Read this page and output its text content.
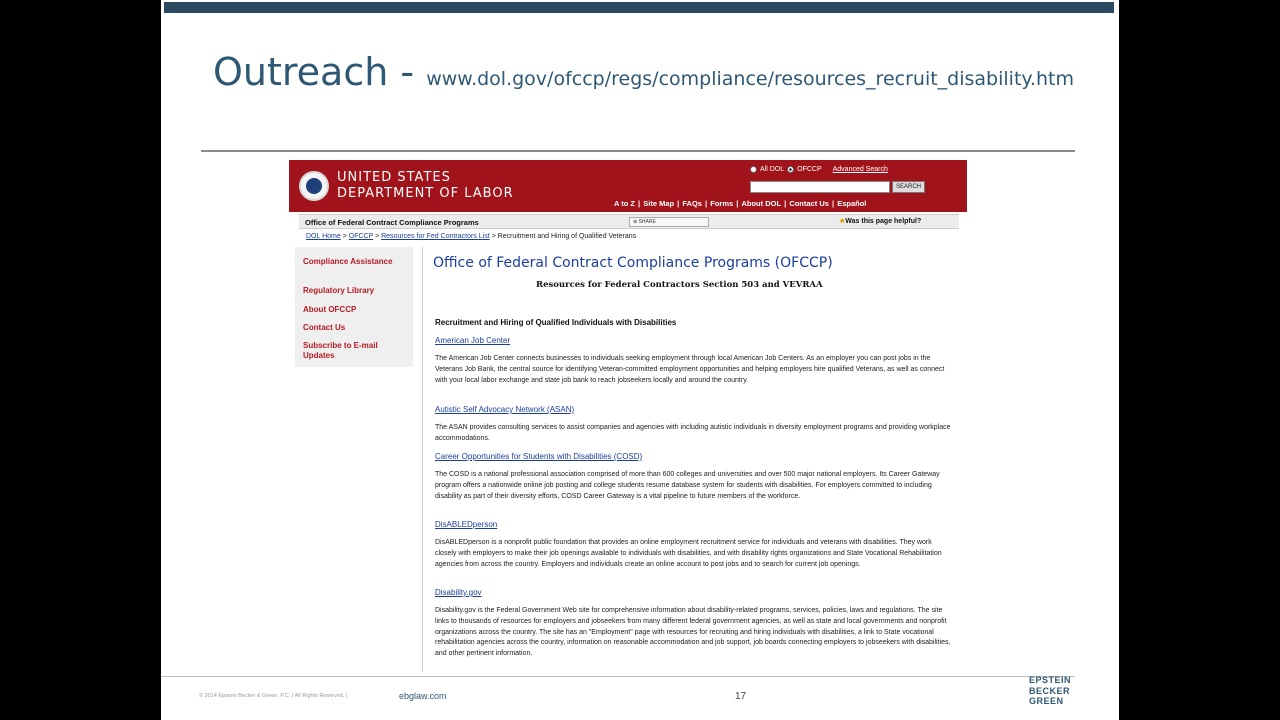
Outreach - www.dol.gov/ofccp/regs/compliance/resources_recruit_disability.htm
UNITED STATES
DEPARTMENT OF LABOR
All DOL OFCCP Advanced Search
SEARCH
A to Z | Site Map | FAQs | Forms | About DOL | Contact Us | Español
Office of Federal Contract Compliance Programs	⊕ SHARE	★Was this page helpful?
DOL Home > OFCCP > Resources for Fed Contractors List > Recruitment and Hiring of Qualified Veterans
Compliance Assistance
Regulatory Library
About OFCCP
Contact Us
Subscribe to E-mail Updates
Office of Federal Contract Compliance Programs (OFCCP)
Resources for Federal Contractors Section 503 and VEVRAA
Recruitment and Hiring of Qualified Individuals with Disabilities
American Job Center
The American Job Center connects businesses to individuals seeking employment through local American Job Centers. As an employer you can post jobs in the Veterans Job Bank, the central source for identifying Veteran-committed employment opportunities and helping employers hire qualified Veterans, as well as connect with your local labor exchange and state job bank to reach jobseekers locally and around the country.
Autistic Self Advocacy Network (ASAN)
The ASAN provides consulting services to assist companies and agencies with including autistic individuals in diversity employment programs and providing workplace accommodations.
Career Opportunities for Students with Disabilities (COSD)
The COSD is a national professional association comprised of more than 600 colleges and universities and over 500 major national employers. Its Career Gateway program offers a nationwide online job posting and college students resume database system for students with disabilities. For employers committed to including disability as part of their diversity efforts, COSD Career Gateway is a vital pipeline to future members of the workforce.
DisABLEDperson
DisABLEDperson is a nonprofit public foundation that provides an online employment recruitment service for individuals and veterans with disabilities. They work closely with employers to make their job openings available to individuals with disabilities, and with disability rights organizations and State Vocational Rehabilitation agencies from across the country. Employers and individuals create an online account to post jobs and to search for current job openings.
Disability.gov
Disability.gov is the Federal Government Web site for comprehensive information about disability-related programs, services, policies, laws and regulations. The site links to thousands of resources for employers and jobseekers from many different federal government agencies, as well as state and local governments and nonprofit organizations across the country. The site has an "Employment" page with resources for recruiting and hiring individuals with disabilities, a link to State vocational rehabilitation agencies across the country, information on reasonable accommodation and job support, job boards connecting employers to jobseekers with disabilities, and other pertinent information.
© 2014 Epstein Becker & Green, P.C. | All Rights Reserved. |	ebglaw.com	17
EPSTEIN
BECKER
GREEN
